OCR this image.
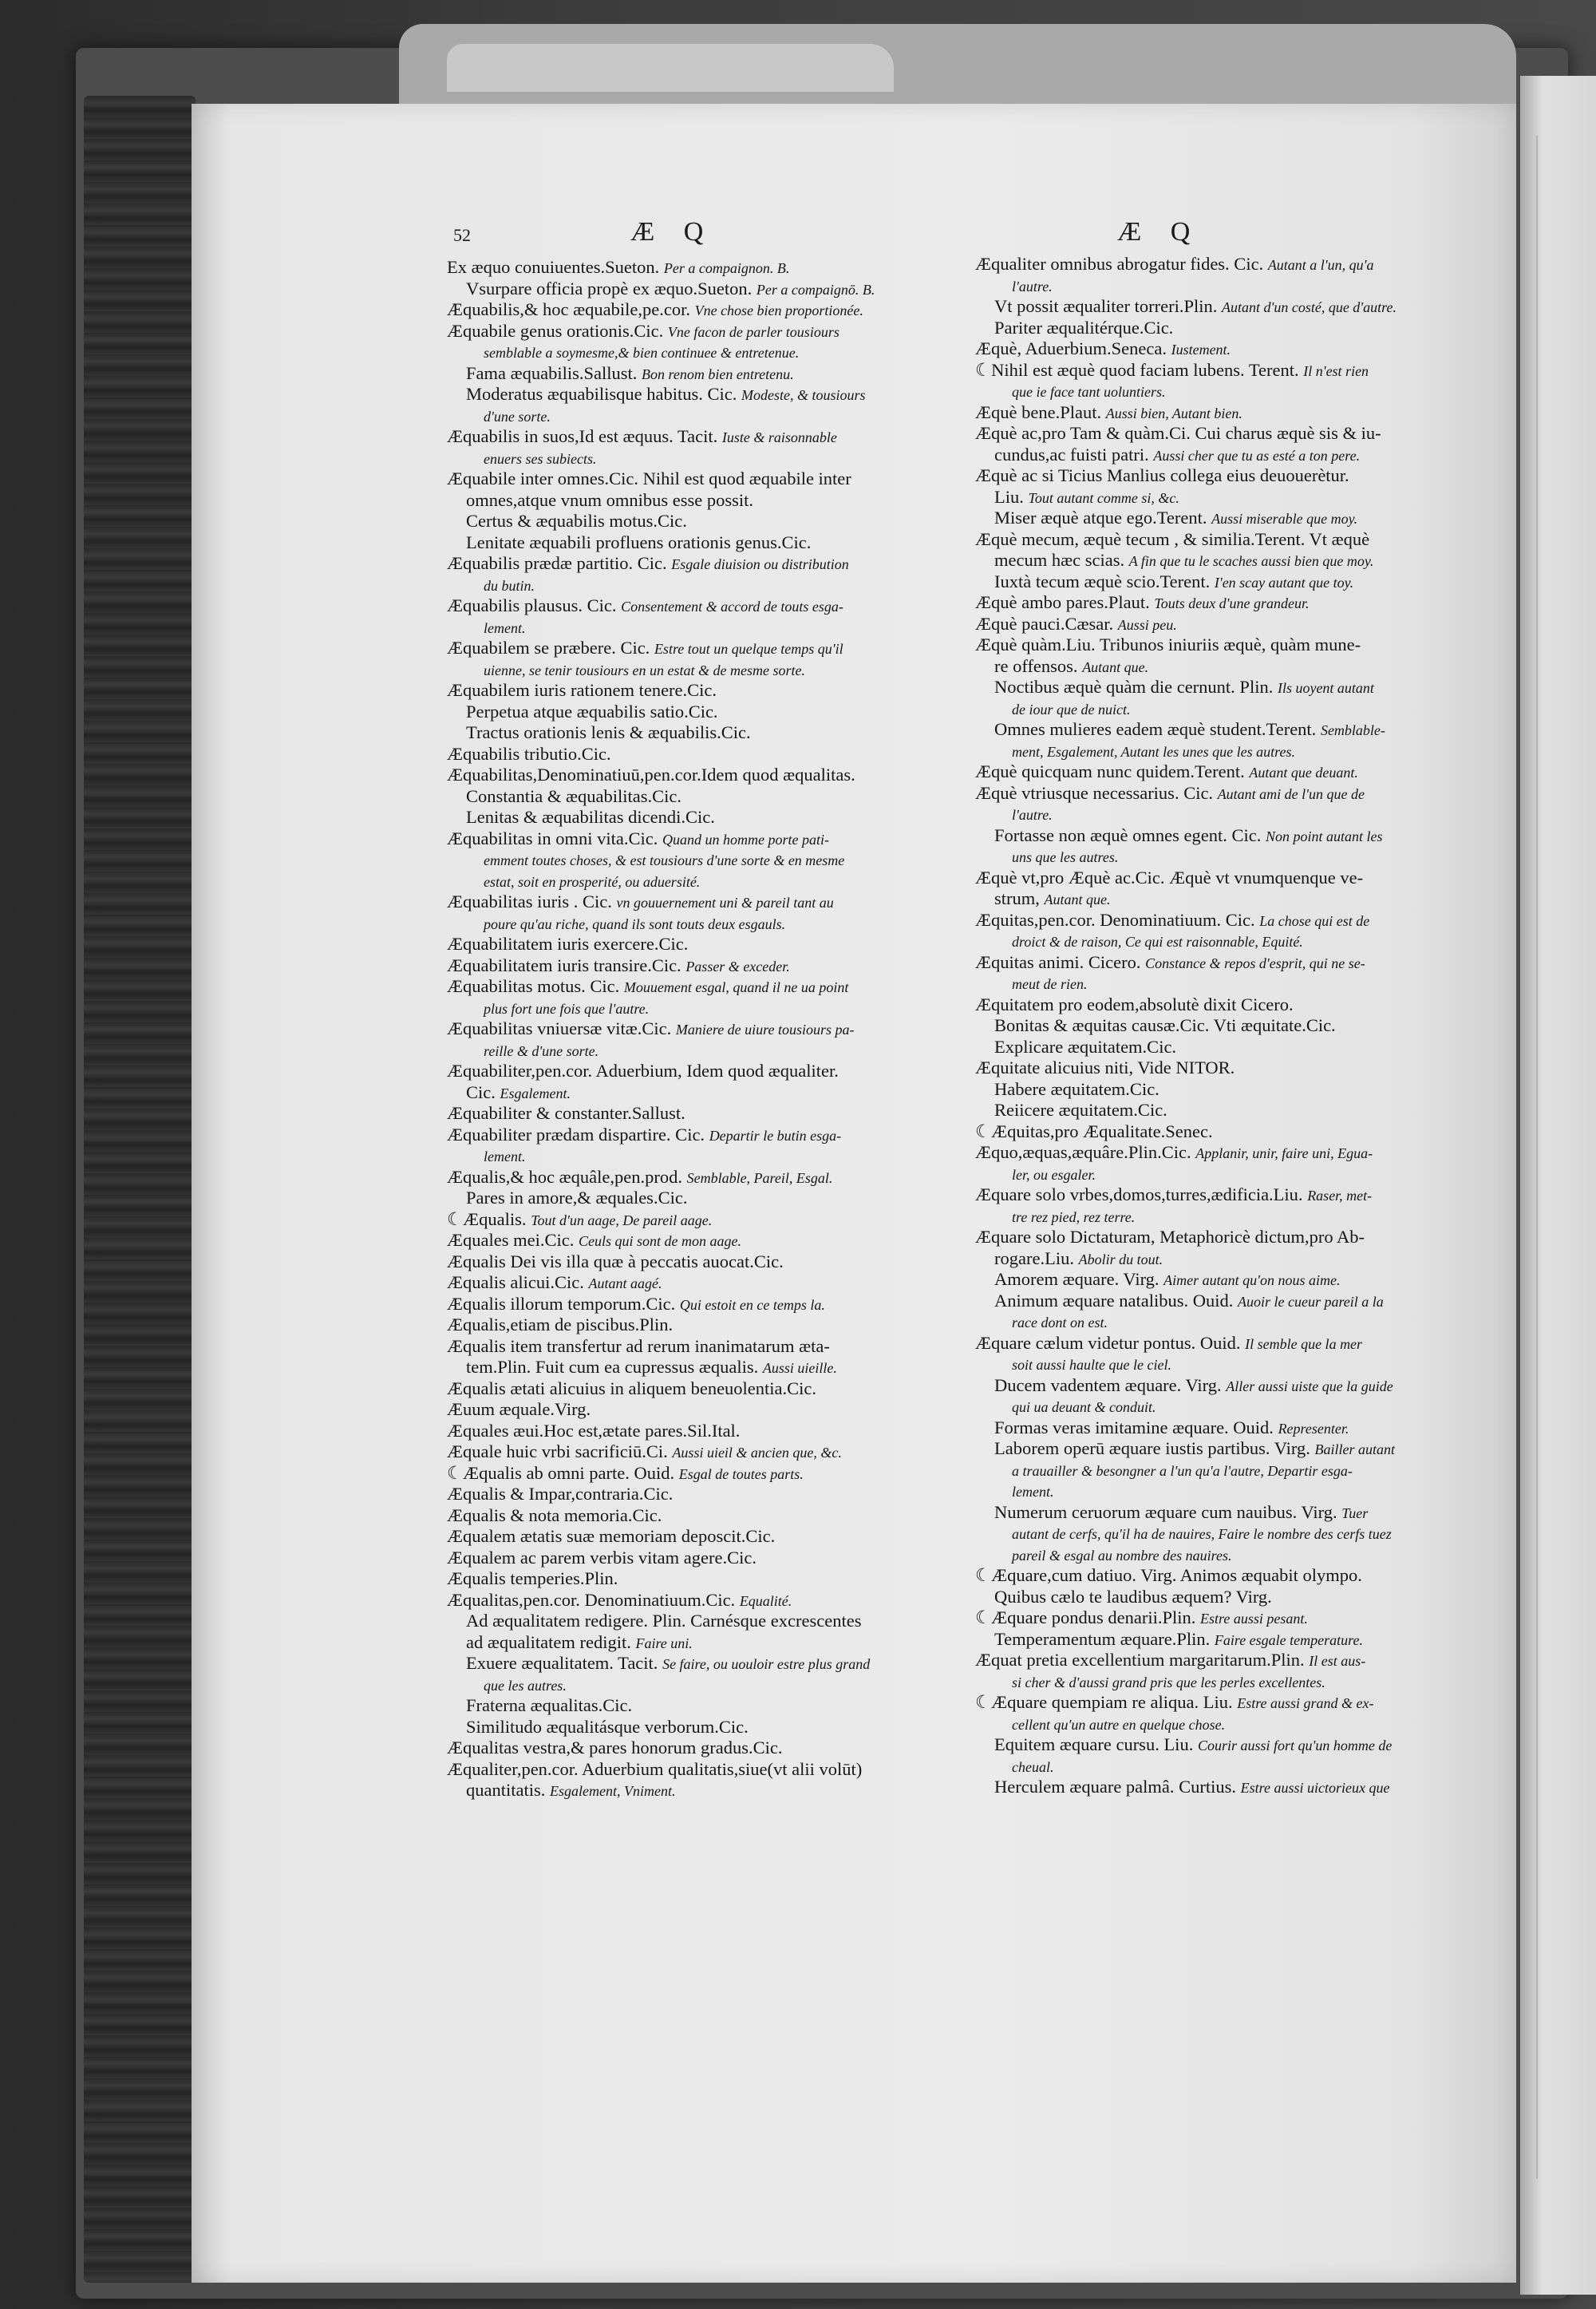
52	Æ Q	Æ Q
Ex æquo conuiuentes.Sueton. Per a compaignon. B.
Vsurpare officia propè ex æquo.Sueton. Per a compaignō. B.
Æquabilis,& hoc æquabile,pe.cor. Vne chose bien proportionée.
Æquabile genus orationis.Cic. Vne facon de parler tousiours
semblable a soymesme,& bien continuee & entretenue.
Fama æquabilis.Sallust. Bon renom bien entretenu.
Moderatus æquabilisque habitus. Cic. Modeste, & tousiours
d'une sorte.
Æquabilis in suos,Id est æquus. Tacit. Iuste & raisonnable
enuers ses subiects.
Æquabile inter omnes.Cic. Nihil est quod æquabile inter
omnes,atque vnum omnibus esse possit.
Certus & æquabilis motus.Cic.
Lenitate æquabili profluens orationis genus.Cic.
Æquabilis prædæ partitio. Cic. Esgale diuision ou distribution
du butin.
Æquabilis plausus. Cic. Consentement & accord de touts esga-
lement.
Æquabilem se præbere. Cic. Estre tout un quelque temps qu'il
uienne, se tenir tousiours en un estat & de mesme sorte.
Æquabilem iuris rationem tenere.Cic.
Perpetua atque æquabilis satio.Cic.
Tractus orationis lenis & æquabilis.Cic.
Æquabilis tributio.Cic.
Æquabilitas,Denominatiuū,pen.cor.Idem quod æqualitas.
Constantia & æquabilitas.Cic.
Lenitas & æquabilitas dicendi.Cic.
Æquabilitas in omni vita.Cic. Quand un homme porte pati-
emment toutes choses, & est tousiours d'une sorte & en mesme
estat, soit en prosperité, ou aduersité.
Æquabilitas iuris . Cic. vn gouuernement uni & pareil tant au
poure qu'au riche, quand ils sont touts deux esgauls.
Æquabilitatem iuris exercere.Cic.
Æquabilitatem iuris transire.Cic. Passer & exceder.
Æquabilitas motus. Cic. Mouuement esgal, quand il ne ua point
plus fort une fois que l'autre.
Æquabilitas vniuersæ vitæ.Cic. Maniere de uiure tousiours pa-
reille & d'une sorte.
Æquabiliter,pen.cor. Aduerbium, Idem quod æqualiter.
Cic. Esgalement.
Æquabiliter & constanter.Sallust.
Æquabiliter prædam dispartire. Cic. Departir le butin esga-
lement.
Æqualis,& hoc æquâle,pen.prod. Semblable, Pareil, Esgal.
Pares in amore,& æquales.Cic.
☾Æqualis. Tout d'un aage, De pareil aage.
Æquales mei.Cic. Ceuls qui sont de mon aage.
Æqualis Dei vis illa quæ à peccatis auocat.Cic.
Æqualis alicui.Cic. Autant aagé.
Æqualis illorum temporum.Cic. Qui estoit en ce temps la.
Æqualis,etiam de piscibus.Plin.
Æqualis item transfertur ad rerum inanimatarum æta-
tem.Plin. Fuit cum ea cupressus æqualis. Aussi uieille.
Æqualis ætati alicuius in aliquem beneuolentia.Cic.
Æuum æquale.Virg.
Æquales æui.Hoc est,ætate pares.Sil.Ital.
Æquale huic vrbi sacrificiū.Ci. Aussi uieil & ancien que, &c.
☾Æqualis ab omni parte. Ouid. Esgal de toutes parts.
Æqualis & Impar,contraria.Cic.
Æqualis & nota memoria.Cic.
Æqualem ætatis suæ memoriam deposcit.Cic.
Æqualem ac parem verbis vitam agere.Cic.
Æqualis temperies.Plin.
Æqualitas,pen.cor. Denominatiuum.Cic. Equalité.
Ad æqualitatem redigere. Plin. Carnésque excrescentes
ad æqualitatem redigit. Faire uni.
Exuere æqualitatem. Tacit. Se faire, ou uouloir estre plus grand
que les autres.
Fraterna æqualitas.Cic.
Similitudo æqualitásque verborum.Cic.
Æqualitas vestra,& pares honorum gradus.Cic.
Æqualiter,pen.cor. Aduerbium qualitatis,siue(vt alii volūt)
quantitatis. Esgalement, Vniment.
Æqualiter omnibus abrogatur fides. Cic. Autant a l'un, qu'a
l'autre.
Vt possit æqualiter torreri.Plin. Autant d'un costé, que d'autre.
Pariter æqualitérque.Cic.
Æquè, Aduerbium.Seneca. Iustement.
☾Nihil est æquè quod faciam lubens. Terent. Il n'est rien
que ie face tant uoluntiers.
Æquè bene.Plaut. Aussi bien, Autant bien.
Æquè ac,pro Tam & quàm.Ci. Cui charus æquè sis & iu-
cundus,ac fuisti patri. Aussi cher que tu as esté a ton pere.
Æquè ac si Ticius Manlius collega eius deuouerètur.
Liu. Tout autant comme si, &c.
Miser æquè atque ego.Terent. Aussi miserable que moy.
Æquè mecum, æquè tecum , & similia.Terent. Vt æquè
mecum hæc scias. A fin que tu le scaches aussi bien que moy.
Iuxtà tecum æquè scio.Terent. I'en scay autant que toy.
Æquè ambo pares.Plaut. Touts deux d'une grandeur.
Æquè pauci.Cæsar. Aussi peu.
Æquè quàm.Liu. Tribunos iniuriis æquè, quàm mune-
re offensos. Autant que.
Noctibus æquè quàm die cernunt. Plin. Ils uoyent autant
de iour que de nuict.
Omnes mulieres eadem æquè student.Terent. Semblable-
ment, Esgalement, Autant les unes que les autres.
Æquè quicquam nunc quidem.Terent. Autant que deuant.
Æquè vtriusque necessarius. Cic. Autant ami de l'un que de
l'autre.
Fortasse non æquè omnes egent. Cic. Non point autant les
uns que les autres.
Æquè vt,pro Æquè ac.Cic. Æquè vt vnumquenque ve-
strum, Autant que.
Æquitas,pen.cor. Denominatiuum. Cic. La chose qui est de
droict & de raison, Ce qui est raisonnable, Equité.
Æquitas animi. Cicero. Constance & repos d'esprit, qui ne se-
meut de rien.
Æquitatem pro eodem,absolutè dixit Cicero.
Bonitas & æquitas causæ.Cic. Vti æquitate.Cic.
Explicare æquitatem.Cic.
Æquitate alicuius niti, Vide NITOR.
Habere æquitatem.Cic.
Reiicere æquitatem.Cic.
☾Æquitas,pro Æqualitate.Senec.
Æquo,æquas,æquâre.Plin.Cic. Applanir, unir, faire uni, Egua-
ler, ou esgaler.
Æquare solo vrbes,domos,turres,ædificia.Liu. Raser, met-
tre rez pied, rez terre.
Æquare solo Dictaturam, Metaphoricè dictum,pro Ab-
rogare.Liu. Abolir du tout.
Amorem æquare. Virg. Aimer autant qu'on nous aime.
Animum æquare natalibus. Ouid. Auoir le cueur pareil a la
race dont on est.
Æquare cælum videtur pontus. Ouid. Il semble que la mer
soit aussi haulte que le ciel.
Ducem vadentem æquare. Virg. Aller aussi uiste que la guide
qui ua deuant & conduit.
Formas veras imitamine æquare. Ouid. Representer.
Laborem operū æquare iustis partibus. Virg. Bailler autant
a trauailler & besongner a l'un qu'a l'autre, Departir esga-
lement.
Numerum ceruorum æquare cum nauibus. Virg. Tuer
autant de cerfs, qu'il ha de nauires, Faire le nombre des cerfs tuez
pareil & esgal au nombre des nauires.
☾Æquare,cum datiuo. Virg. Animos æquabit olympo.
Quibus cælo te laudibus æquem? Virg.
☾Æquare pondus denarii.Plin. Estre aussi pesant.
Temperamentum æquare.Plin. Faire esgale temperature.
Æquat pretia excellentium margaritarum.Plin. Il est aus-
si cher & d'aussi grand pris que les perles excellentes.
☾Æquare quempiam re aliqua. Liu. Estre aussi grand & ex-
cellent qu'un autre en quelque chose.
Equitem æquare cursu. Liu. Courir aussi fort qu'un homme de
cheual.
Herculem æquare palmâ. Curtius. Estre aussi uictorieux que
